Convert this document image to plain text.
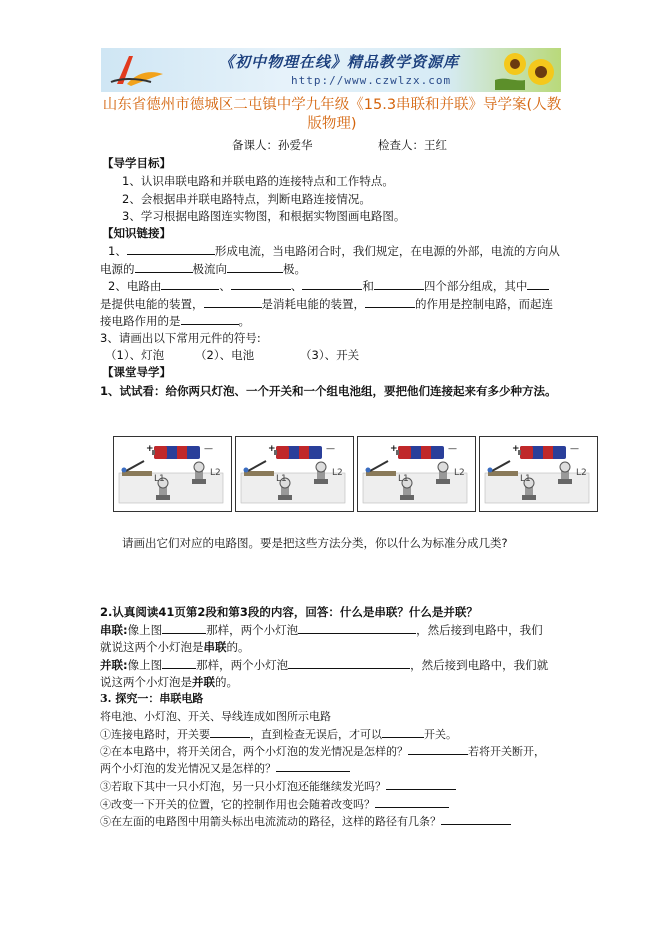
《初中物理在线》精品教学资源库
http://www.czwlzx.com
山东省德州市德城区二屯镇中学九年级《15.3串联和并联》导学案(人教版物理)
备课人：孙爱华	检查人：王红
【导学目标】
1、认识串联电路和并联电路的连接特点和工作特点。
2、会根据串并联电路特点，判断电路连接情况。
3、学习根据电路图连实物图，和根据实物图画电路图。
【知识链接】
1、	形成电流，当电路闭合时，我们规定，在电源的外部，电流的方向从
电源的	极流向	极。
2、电路由	、	、	和	四个部分组成，其中
是提供电能的装置，	是消耗电能的装置，	的作用是控制电路，而起连
接电路作用的是	。
3、请画出以下常用元件的符号:
（1）、灯泡	（2）、电池	（3）、开关
【课堂导学】
1、试试看：给你两只灯泡、一个开关和一个组电池组，要把他们连接起来有多少种方法。
+	—
L1
L2
+	—
L1
L2
+	—
L1
L2
+	—
L1
L2
请画出它们对应的电路图。要是把这些方法分类，你以什么为标准分成几类?
2.认真阅读41页第2段和第3段的内容，回答：什么是串联？什么是并联？
串联:像上图	那样，两个小灯泡	，然后接到电路中，我们
就说这两个小灯泡是串联的。
并联:像上图	那样，两个小灯泡	，然后接到电路中，我们就
说这两个小灯泡是并联的。
3. 探究一：串联电路
将电池、小灯泡、开关、导线连成如图所示电路
①连接电路时，开关要	，直到检查无误后，才可以	开关。
②在本电路中，将开关闭合，两个小灯泡的发光情况是怎样的？	若将开关断开，
两个小灯泡的发光情况又是怎样的？
③若取下其中一只小灯泡，另一只小灯泡还能继续发光吗？
④改变一下开关的位置，它的控制作用也会随着改变吗？
⑤在左面的电路图中用箭头标出电流流动的路径，这样的路径有几条？
